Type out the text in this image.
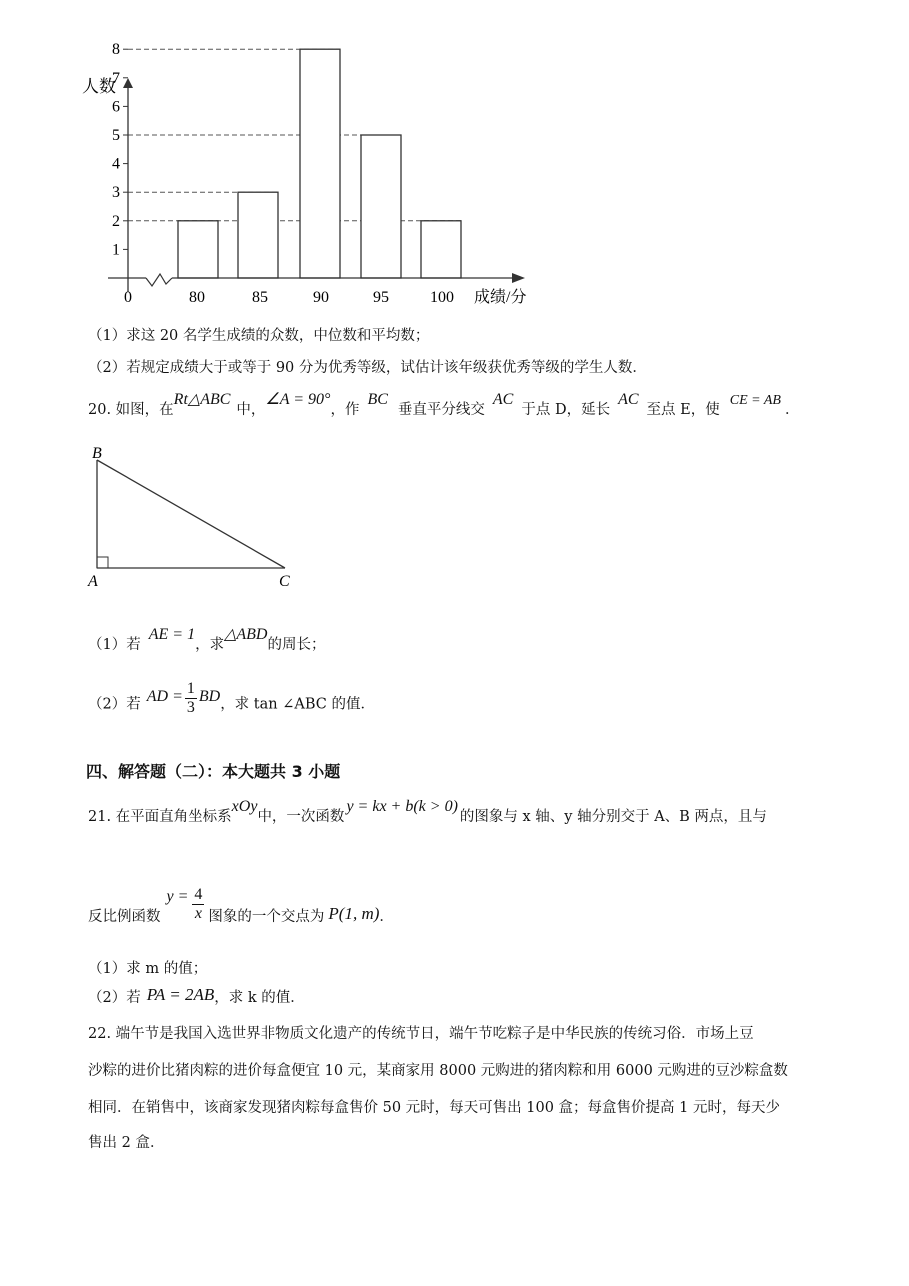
1
2
3
4
5
6
7
8
80	85	90	95	100
0
人数
成绩/分
（1）求这 20 名学生成绩的众数，中位数和平均数；
（2）若规定成绩大于或等于 90 分为优秀等级，试估计该年级获优秀等级的学生人数．
20. 如图，在Rt△ABC中，∠A = 90°，作BC垂直平分线交AC于点 D，延长AC至点 E，使CE = AB．
B
A	C
（1）若AE = 1，求△ABD的周长；
（2）若 AD = $\frac{1}{3}$ BD，求 tan ∠ABC 的值．
四、解答题（二）：本大题共 3 小题
21. 在平面直角坐标系xOy中，一次函数y = kx + b(k > 0)的图象与 x 轴、y 轴分别交于 A、B 两点，且与
反比例函数$y = \frac{4}{x}$ 图象的一个交点为 P(1, m)．
（1）求 m 的值；
（2）若 PA = 2AB，求 k 的值．
22. 端午节是我国入选世界非物质文化遗产的传统节日，端午节吃粽子是中华民族的传统习俗．市场上豆
沙粽的进价比猪肉粽的进价每盒便宜 10 元，某商家用 8000 元购进的猪肉粽和用 6000 元购进的豆沙粽盒数
相同．在销售中，该商家发现猪肉粽每盒售价 50 元时，每天可售出 100 盒；每盒售价提高 1 元时，每天少
售出 2 盒．
